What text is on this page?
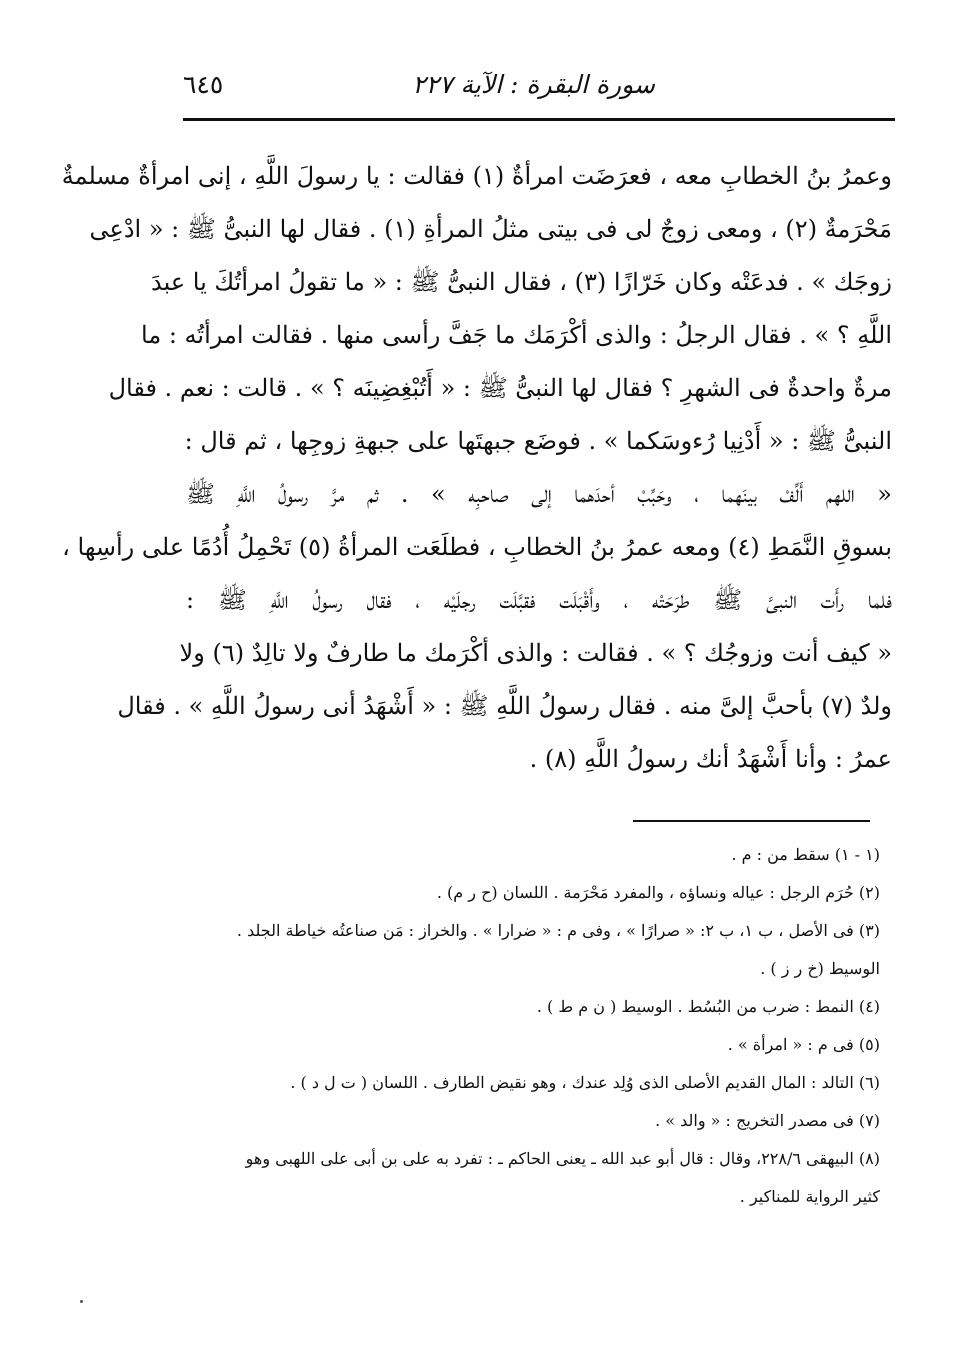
سورة البقرة : الآية ٢٢٧
٦٤٥
وعمرُ بنُ الخطابِ معه ، فعرَضَت امرأةٌ (١) فقالت : يا رسولَ اللَّهِ ، إنى امرأةٌ مسلمةٌ
مَحْرَمةٌ (٢) ، ومعى زوجٌ لى فى بيتى مثلُ المرأةِ (١) . فقال لها النبىُّ ﷺ : « ادْعِى
زوجَك » . فدعَتْه وكان خَرّازًا (٣) ، فقال النبىُّ ﷺ : « ما تقولُ امرأتُكَ يا عبدَ
اللَّهِ ؟ » . فقال الرجلُ : والذى أكْرَمَك ما جَفَّ رأسى منها . فقالت امرأتُه : ما
مرةٌ واحدةٌ فى الشهرِ ؟ فقال لها النبىُّ ﷺ : « أَتُبْغِضِينَه ؟ » . قالت : نعم . فقال
النبىُّ ﷺ : « أَدْنِيا رُءوسَكما » . فوضَع جبهتَها على جبهةِ زوجِها ، ثم قال :
« اللهم أَلِّفْ بينَهما ، وحَبِّبْ أحدَهما إلى صاحبِه » . ثم مرَّ رسولُ اللَّهِ ﷺ
بسوقِ النَّمَطِ (٤) ومعه عمرُ بنُ الخطابِ ، فطلَعَت المرأةُ (٥) تَحْمِلُ أُدُمًا على رأسِها ،
فلما رأَت النبىَّ ﷺ طرَحَتْه ، وأَقْبَلَت فقبَّلَت رجلَيْه ، فقال رسولُ اللَّهِ ﷺ :
« كيف أنت وزوجُك ؟ » . فقالت : والذى أكْرَمك ما طارفٌ ولا تالِدٌ (٦) ولا
ولدٌ (٧) بأحبَّ إلىَّ منه . فقال رسولُ اللَّهِ ﷺ : « أَشْهَدُ أنى رسولُ اللَّهِ » . فقال
عمرُ : وأنا أَشْهَدُ أنك رسولُ اللَّهِ (٨) .
(١ - ١) سقط من : م .
(٢) حُرَم الرجل : عياله ونساؤه ، والمفرد مَحْرَمة . اللسان (ح ر م) .
(٣) فى الأصل ، ب ١، ب ٢: « صرارًا » ، وفى م : « ضرارا » . والخراز : مَن صناعتُه خياطة الجلد .
الوسيط (خ ر ز ) .
(٤) النمط : ضرب من البُسُط . الوسيط ( ن م ط ) .
(٥) فى م : « امرأة » .
(٦) التالد : المال القديم الأصلى الذى وُلِد عندك ، وهو نقيض الطارف . اللسان ( ت ل د ) .
(٧) فى مصدر التخريج : « والد » .
(٨) البيهقى ٢٢٨/٦، وقال : قال أبو عبد الله ـ يعنى الحاكم ـ : تفرد به على بن أبى على اللهبى وهو
كثير الرواية للمناكير .
